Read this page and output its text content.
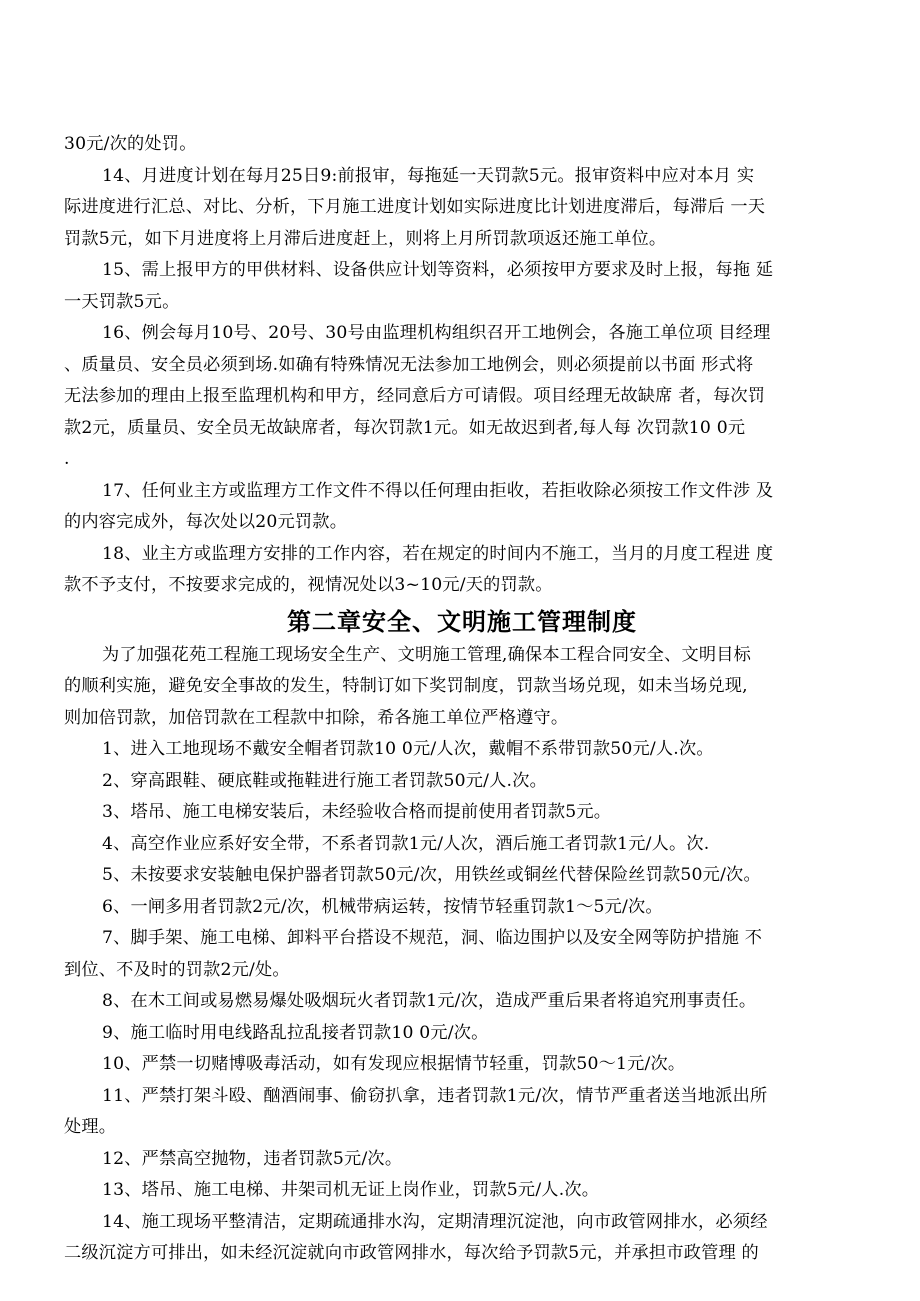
30元/次的处罚。
14、月进度计划在每月25日9:前报审，每拖延一天罚款5元。报审资料中应对本月 实
际进度进行汇总、对比、分析，下月施工进度计划如实际进度比计划进度滞后，每滞后 一天
罚款5元，如下月进度将上月滞后进度赶上，则将上月所罚款项返还施工单位。
15、需上报甲方的甲供材料、设备供应计划等资料，必须按甲方要求及时上报，每拖 延
一天罚款5元。
16、例会每月10号、20号、30号由监理机构组织召开工地例会，各施工单位项 目经理
、质量员、安全员必须到场.如确有特殊情况无法参加工地例会，则必须提前以书面 形式将
无法参加的理由上报至监理机构和甲方，经同意后方可请假。项目经理无故缺席 者，每次罚
款2元，质量员、安全员无故缺席者，每次罚款1元。如无故迟到者,每人每 次罚款10 0元
.
17、任何业主方或监理方工作文件不得以任何理由拒收，若拒收除必须按工作文件涉 及
的内容完成外，每次处以20元罚款。
18、业主方或监理方安排的工作内容，若在规定的时间内不施工，当月的月度工程进 度
款不予支付，不按要求完成的，视情况处以3~10元/天的罚款。
第二章安全、文明施工管理制度
为了加强花苑工程施工现场安全生产、文明施工管理,确保本工程合同安全、文明目标
的顺利实施，避免安全事故的发生，特制订如下奖罚制度，罚款当场兑现，如未当场兑现,
则加倍罚款，加倍罚款在工程款中扣除，希各施工单位严格遵守。
1、进入工地现场不戴安全帽者罚款10 0元/人次，戴帽不系带罚款50元/人.次。
2、穿高跟鞋、硬底鞋或拖鞋进行施工者罚款50元/人.次。
3、塔吊、施工电梯安装后，未经验收合格而提前使用者罚款5元。
4、高空作业应系好安全带，不系者罚款1元/人次，酒后施工者罚款1元/人。次.
5、未按要求安装触电保护器者罚款50元/次，用铁丝或铜丝代替保险丝罚款50元/次。
6、一闸多用者罚款2元/次，机械带病运转，按情节轻重罚款1～5元/次。
7、脚手架、施工电梯、卸料平台搭设不规范，洞、临边围护以及安全网等防护措施 不
到位、不及时的罚款2元/处。
8、在木工间或易燃易爆处吸烟玩火者罚款1元/次，造成严重后果者将追究刑事责任。
9、施工临时用电线路乱拉乱接者罚款10 0元/次。
10、严禁一切赌博吸毒活动，如有发现应根据情节轻重，罚款50～1元/次。
11、严禁打架斗殴、酗酒闹事、偷窃扒拿，违者罚款1元/次，情节严重者送当地派出所
处理。
12、严禁高空抛物，违者罚款5元/次。
13、塔吊、施工电梯、井架司机无证上岗作业，罚款5元/人.次。
14、施工现场平整清洁，定期疏通排水沟，定期清理沉淀池，向市政管网排水，必须经
二级沉淀方可排出，如未经沉淀就向市政管网排水，每次给予罚款5元，并承担市政管理 的
